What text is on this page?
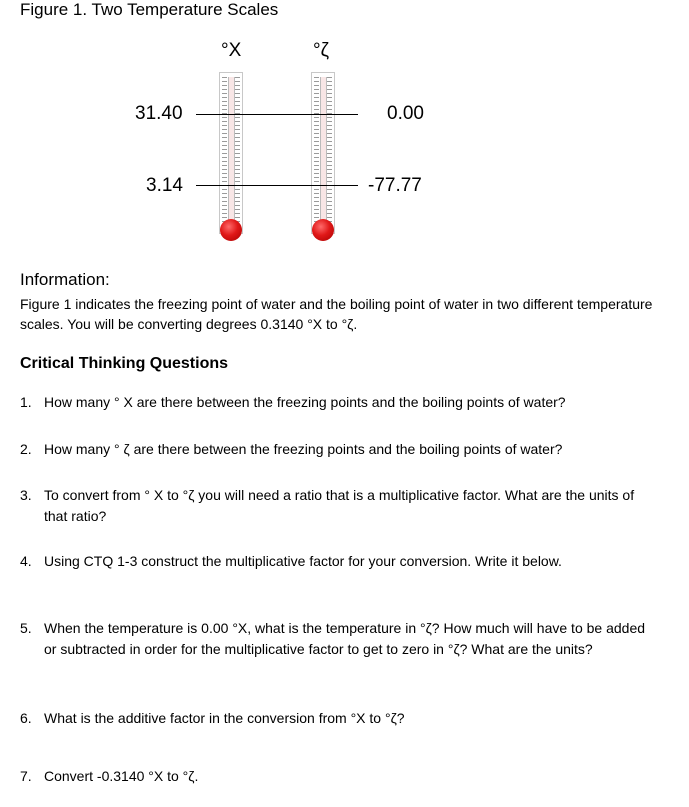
Figure 1. Two Temperature Scales
°X	°ζ
31.40
3.14
0.00
-77.77
Information:
Figure 1 indicates the freezing point of water and the boiling point of water in two different temperature scales. You will be converting degrees 0.3140 °X to °ζ.
Critical Thinking Questions
1. How many ° X are there between the freezing points and the boiling points of water?
2. How many ° ζ are there between the freezing points and the boiling points of water?
3. To convert from ° X to °ζ you will need a ratio that is a multiplicative factor. What are the units of that ratio?
4. Using CTQ 1-3 construct the multiplicative factor for your conversion. Write it below.
5. When the temperature is 0.00 °X, what is the temperature in °ζ? How much will have to be added or subtracted in order for the multiplicative factor to get to zero in °ζ? What are the units?
6. What is the additive factor in the conversion from °X to °ζ?
7. Convert -0.3140 °X to °ζ.
